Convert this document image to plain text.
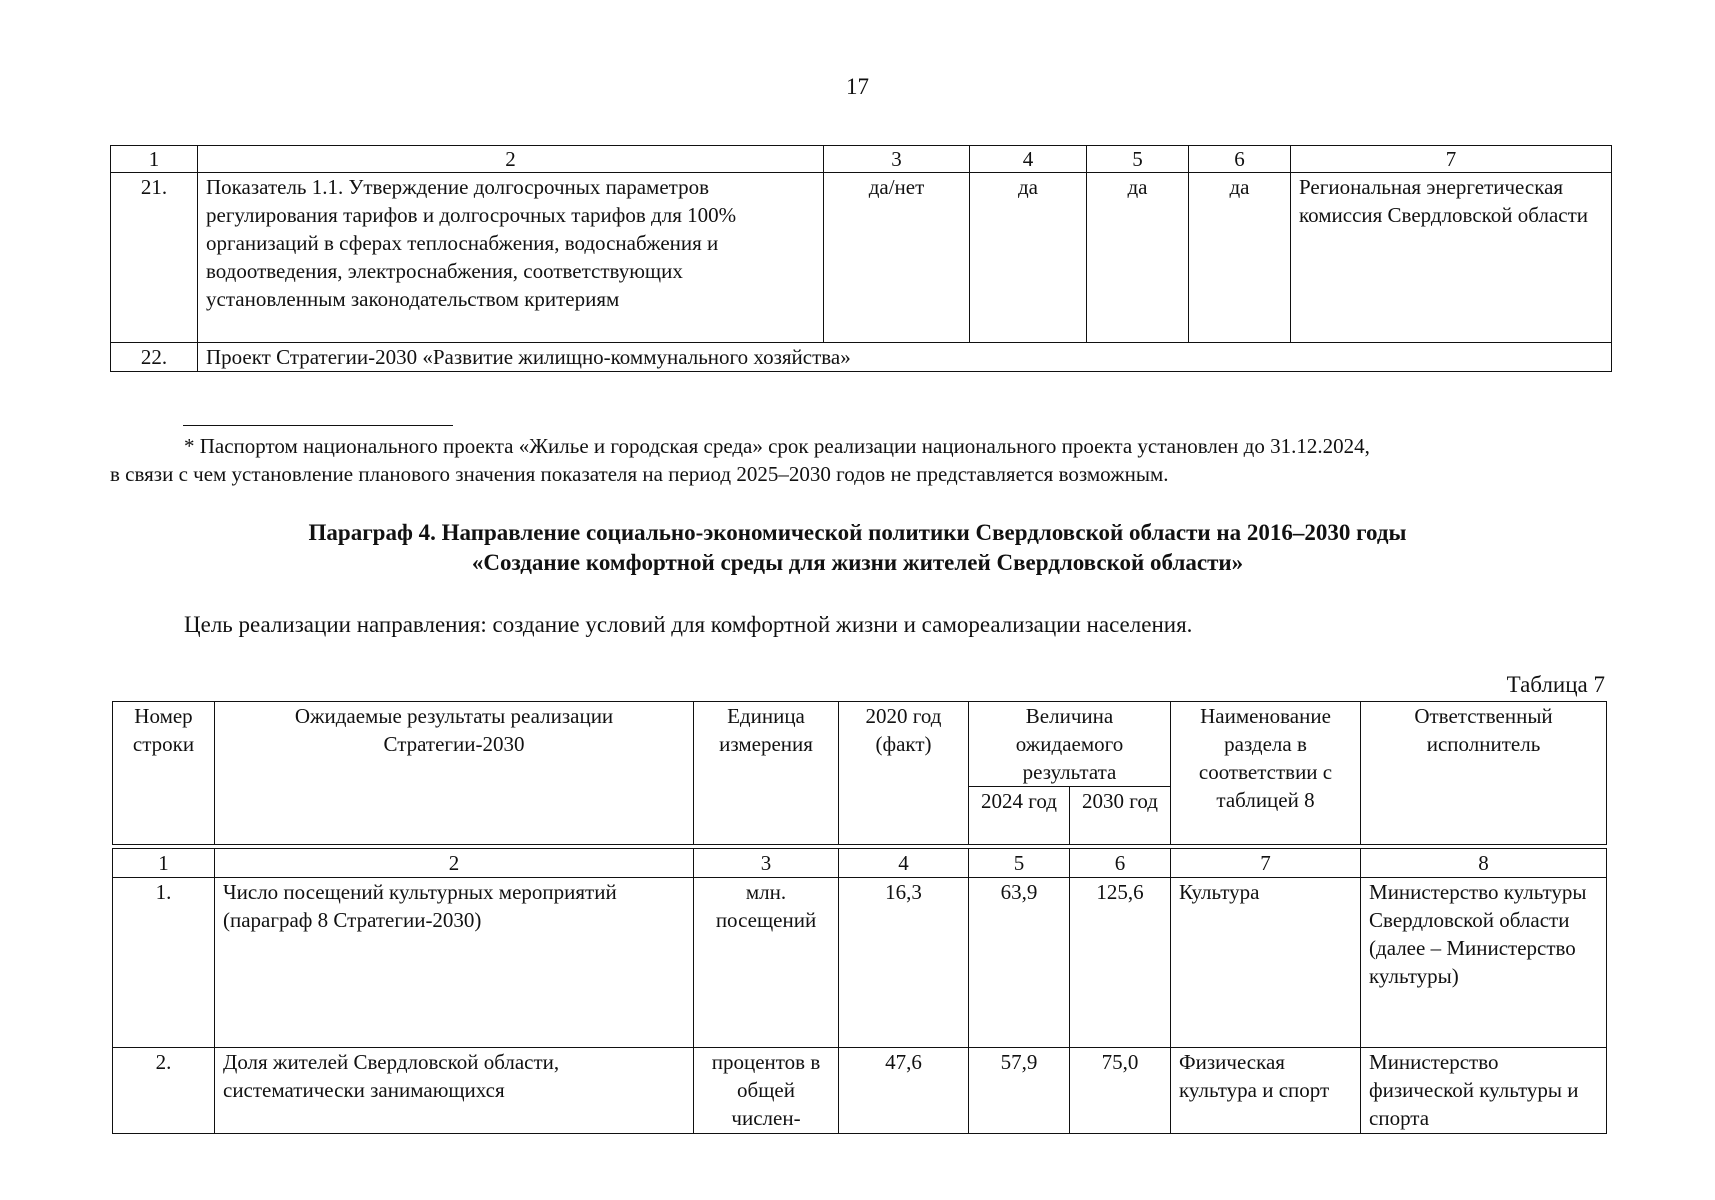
17
1	2	3	4	5	6	7
21.	Показатель 1.1. Утверждение долгосрочных параметров регулирования тарифов и долгосрочных тарифов для 100% организаций в сферах теплоснабжения, водоснабжения и водоотведения, электроснабжения, соответствующих установленным законодательством критериям	да/нет	да	да	да	Региональная энергетическая комиссия Свердловской области
22.	Проект Стратегии-2030 «Развитие жилищно-коммунального хозяйства»					
* Паспортом национального проекта «Жилье и городская среда» срок реализации национального проекта установлен до 31.12.2024,
в связи с чем установление планового значения показателя на период 2025–2030 годов не представляется возможным.
Параграф 4. Направление социально-экономической политики Свердловской области на 2016–2030 годы
«Создание комфортной среды для жизни жителей Свердловской области»
Цель реализации направления: создание условий для комфортной жизни и самореализации населения.
Таблица 7
Номер строки	Ожидаемые результаты реализации Стратегии-2030	Единица измерения	2020 год (факт)	Величина ожидаемого результата		Наименование раздела в соответствии с таблицей 8	Ответственный исполнитель
				2024 год	2030 год		

1	2	3	4	5	6	7	8
1.	Число посещений культурных мероприятий (параграф 8 Стратегии-2030)	млн. посещений	16,3	63,9	125,6	Культура	Министерство культуры Свердловской области (далее – Министерство культуры)
2.	Доля жителей Свердловской области, систематически занимающихся	процентов в общей числен-	47,6	57,9	75,0	Физическая культура и спорт	Министерство физической культуры и спорта
